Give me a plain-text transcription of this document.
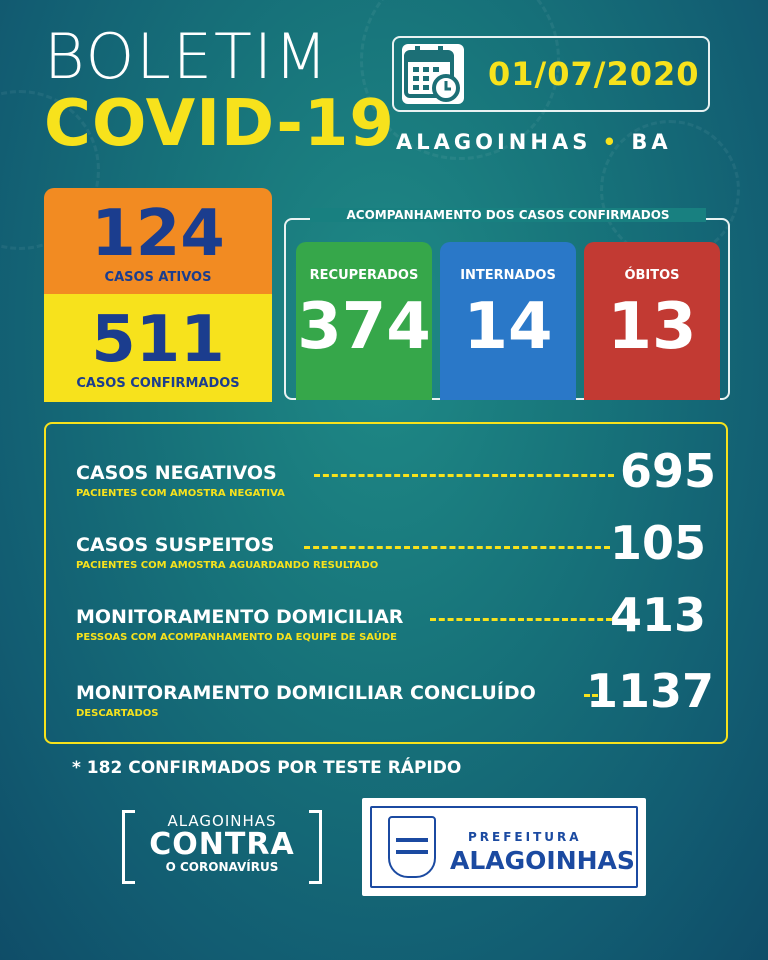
BOLETIM
COVID-19
01/07/2020
ALAGOINHAS • BA
124
CASOS ATIVOS
511
CASOS CONFIRMADOS
ACOMPANHAMENTO DOS CASOS CONFIRMADOS
RECUPERADOS
374
INTERNADOS
14
ÓBITOS
13
CASOS NEGATIVOS
PACIENTES COM AMOSTRA NEGATIVA	695
CASOS SUSPEITOS
PACIENTES COM AMOSTRA AGUARDANDO RESULTADO	105
MONITORAMENTO DOMICILIAR
PESSOAS COM ACOMPANHAMENTO DA EQUIPE DE SAÚDE	413
MONITORAMENTO DOMICILIAR CONCLUÍDO
DESCARTADOS	1137
* 182 CONFIRMADOS POR TESTE RÁPIDO
ALAGOINHAS
CONTRA
O CORONAVÍRUS
PREFEITURA
ALAGOINHAS
